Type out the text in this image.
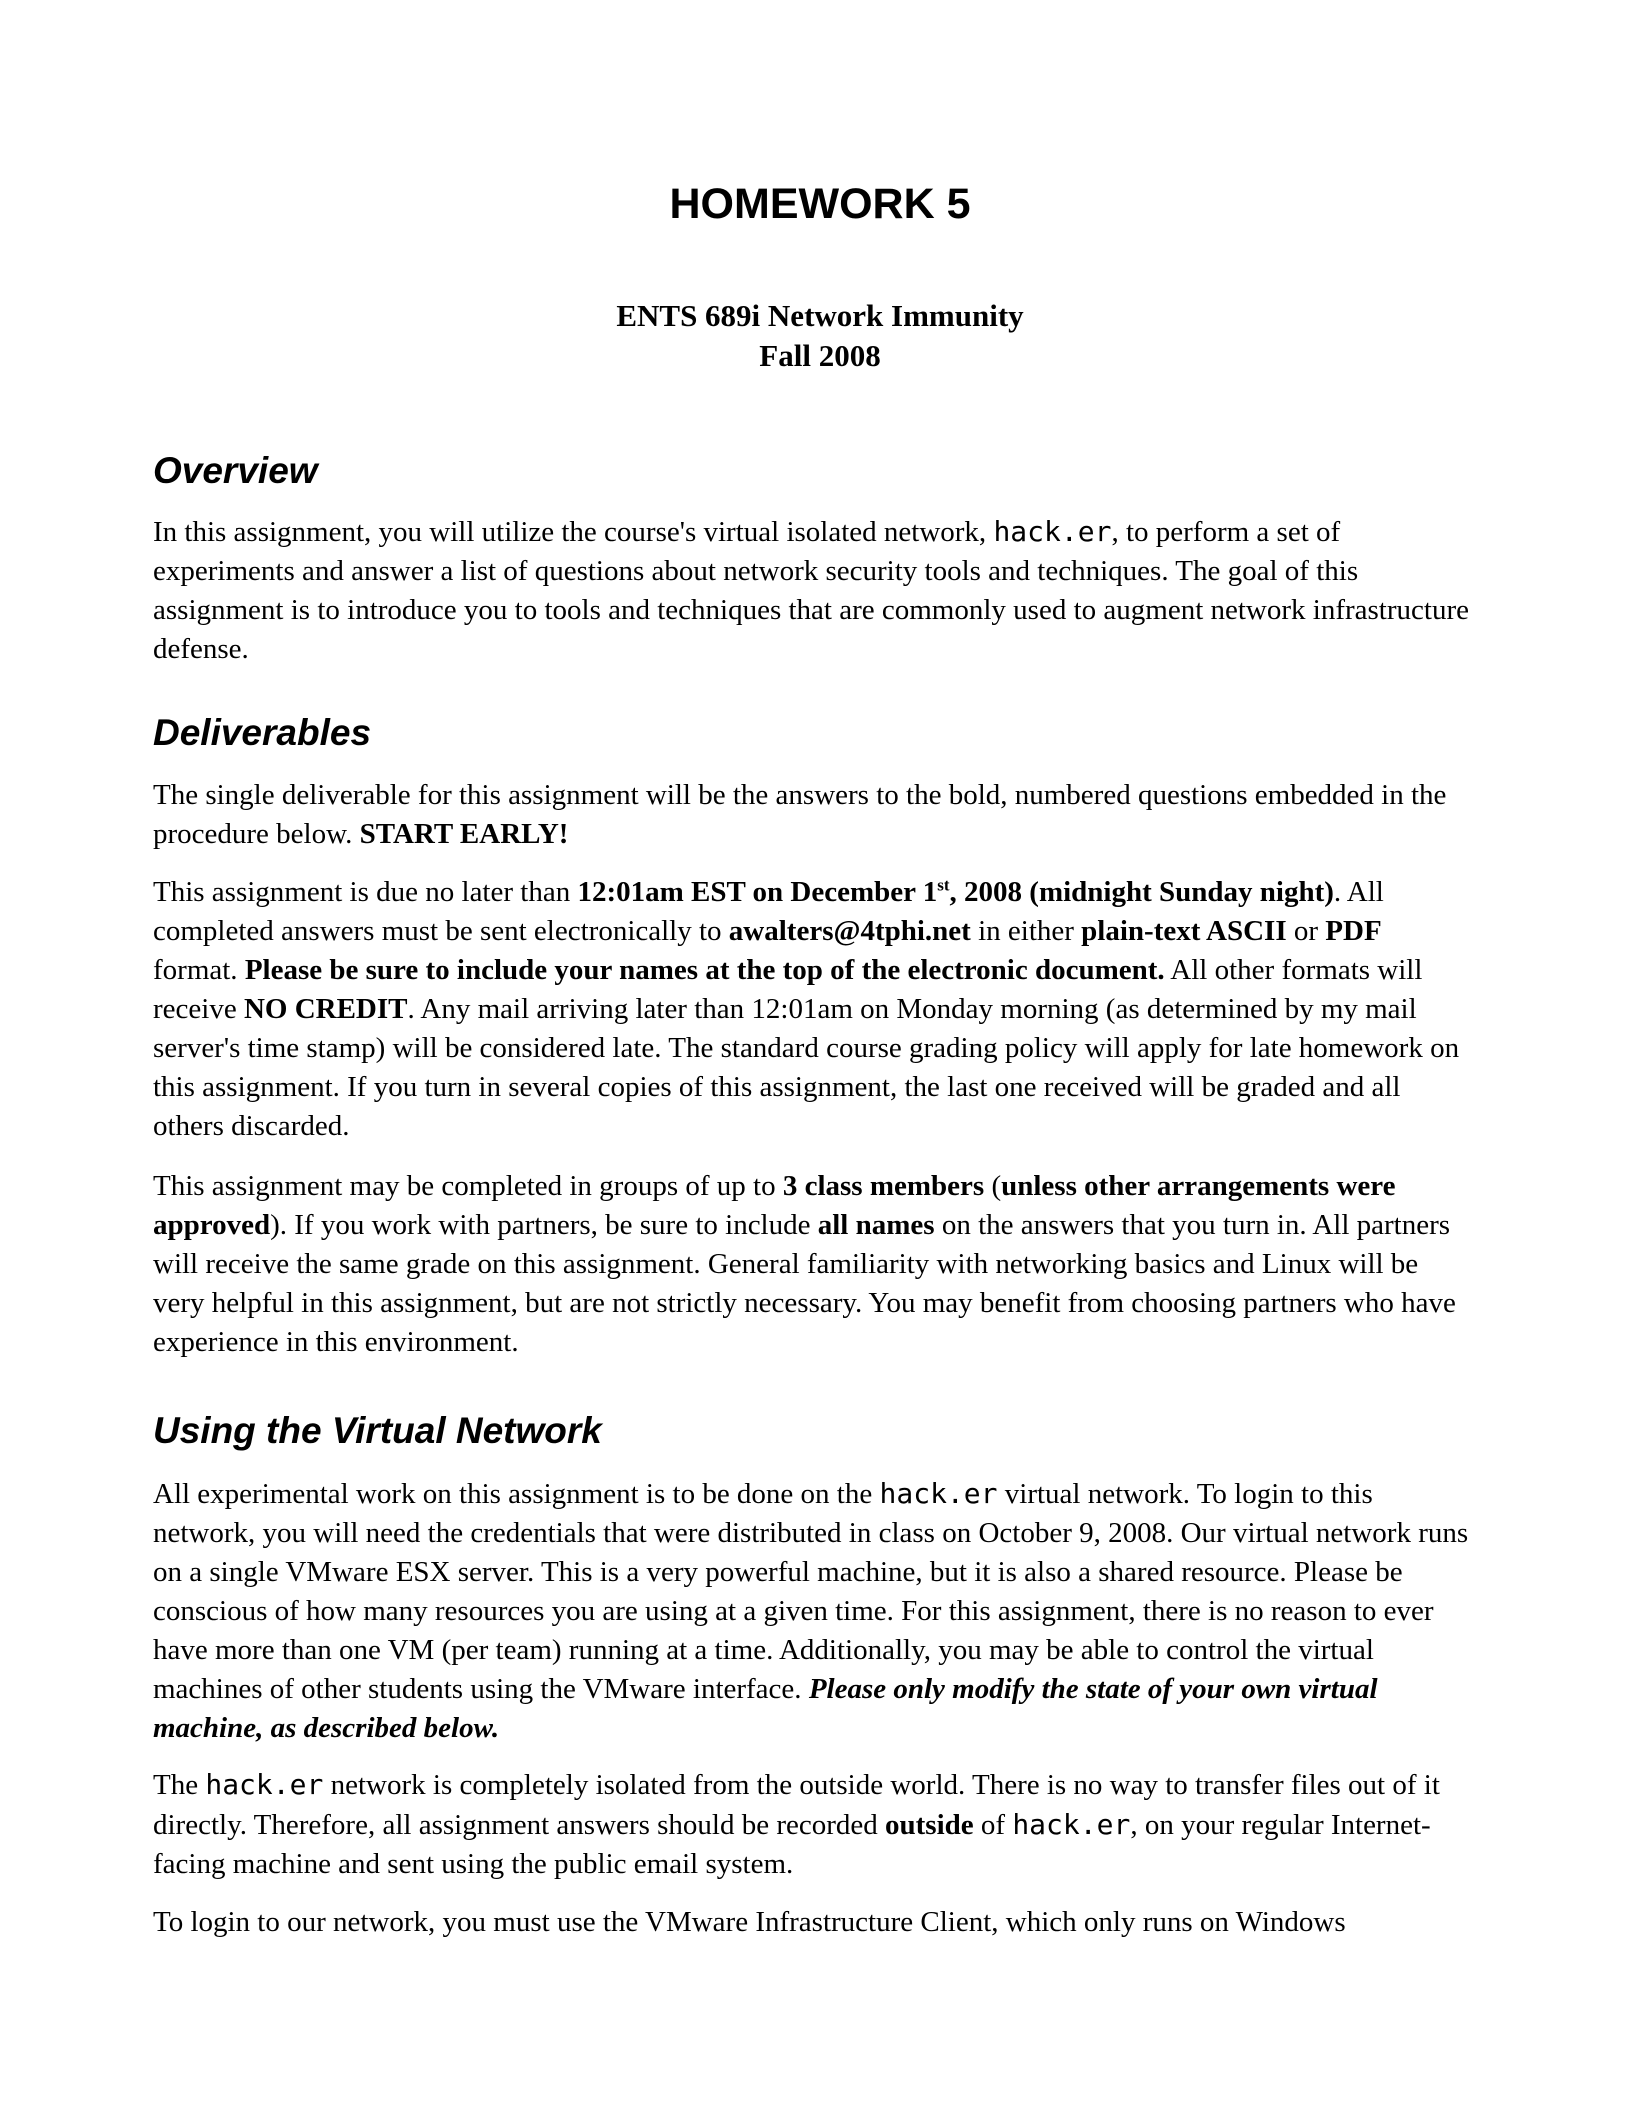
HOMEWORK 5

ENTS 689i Network Immunity

Fall 2008

Overview

In this assignment, you will utilize the course's virtual isolated network, hack.er, to perform a set of experiments and answer a list of questions about network security tools and techniques. The goal of this assignment is to introduce you to tools and techniques that are commonly used to augment network infrastructure defense.

Deliverables

The single deliverable for this assignment will be the answers to the bold, numbered questions embedded in the procedure below. START EARLY!

This assignment is due no later than 12:01am EST on December 1st, 2008 (midnight Sunday night). All completed answers must be sent electronically to awalters@4tphi.net in either plain-text ASCII or PDF format. Please be sure to include your names at the top of the electronic document. All other formats will receive NO CREDIT. Any mail arriving later than 12:01am on Monday morning (as determined by my mail server's time stamp) will be considered late. The standard course grading policy will apply for late homework on this assignment. If you turn in several copies of this assignment, the last one received will be graded and all others discarded.

This assignment may be completed in groups of up to 3 class members (unless other arrangements were approved). If you work with partners, be sure to include all names on the answers that you turn in. All partners will receive the same grade on this assignment. General familiarity with networking basics and Linux will be very helpful in this assignment, but are not strictly necessary. You may benefit from choosing partners who have experience in this environment.

Using the Virtual Network

All experimental work on this assignment is to be done on the hack.er virtual network. To login to this network, you will need the credentials that were distributed in class on October 9, 2008. Our virtual network runs on a single VMware ESX server. This is a very powerful machine, but it is also a shared resource. Please be conscious of how many resources you are using at a given time. For this assignment, there is no reason to ever have more than one VM (per team) running at a time. Additionally, you may be able to control the virtual machines of other students using the VMware interface. Please only modify the state of your own virtual machine, as described below.

The hack.er network is completely isolated from the outside world. There is no way to transfer files out of it directly. Therefore, all assignment answers should be recorded outside of hack.er, on your regular Internet-facing machine and sent using the public email system.

To login to our network, you must use the VMware Infrastructure Client, which only runs on Windows
